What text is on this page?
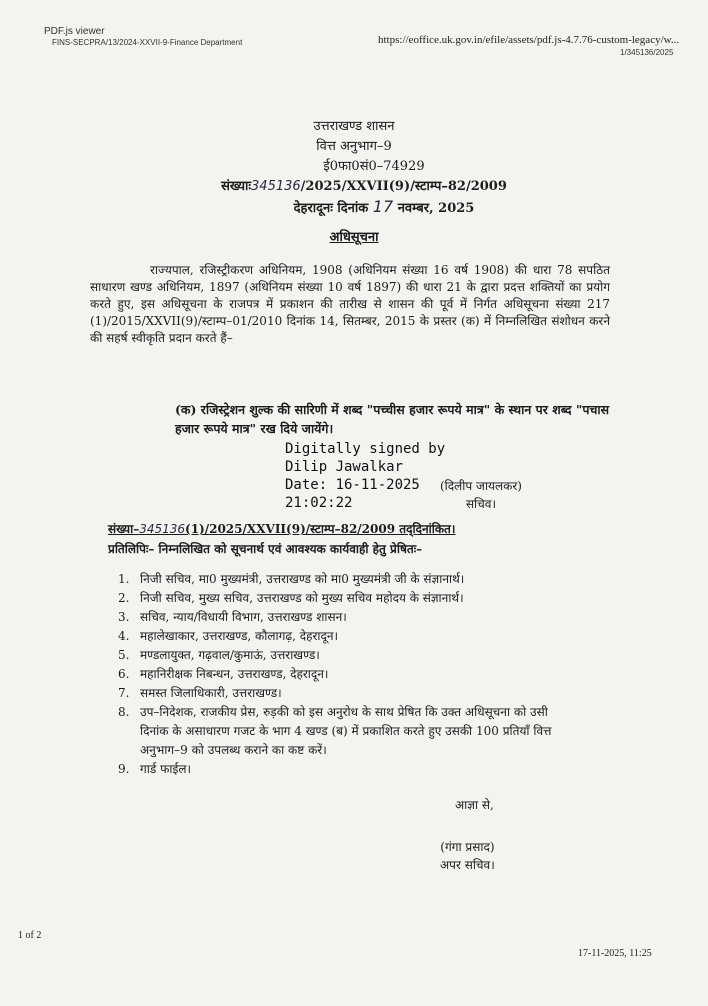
PDF.js viewer
FINS-SECPRA/13/2024-XXVII-9-Finance Department	https://eoffice.uk.gov.in/efile/assets/pdf.js-4.7.76-custom-legacy/w...
1/345136/2025
उत्तराखण्ड शासन
वित्त अनुभाग–9
ई0फा0सं0–74929
संख्याः345136/2025/XXVII(9)/स्टाम्प–82/2009
देहरादूनः दिनांक 17 नवम्बर, 2025
अधिसूचना
राज्यपाल, रजिस्ट्रीकरण अधिनियम, 1908 (अधिनियम संख्या 16 वर्ष 1908) की धारा 78 सपठित साधारण खण्ड अधिनियम, 1897 (अधिनियम संख्या 10 वर्ष 1897) की धारा 21 के द्वारा प्रदत्त शक्तियों का प्रयोग करते हुए, इस अधिसूचना के राजपत्र में प्रकाशन की तारीख से शासन की पूर्व में निर्गत अधिसूचना संख्या 217 (1)/2015/XXVII(9)/स्टाम्प–01/2010 दिनांक 14, सितम्बर, 2015 के प्रस्तर (क) में निम्नलिखित संशोधन करने की सहर्ष स्वीकृति प्रदान करते हैं–
(क) रजिस्ट्रेशन शुल्क की सारिणी में शब्द "पच्चीस हजार रूपये मात्र" के स्थान पर शब्द "पचास हजार रूपये मात्र" रख दिये जायेंगे।
Digitally signed by
Dilip Jawalkar
Date: 16-11-2025
21:02:22
(दिलीप जायलकर)
सचिव।
संख्या–345136(1)/2025/XXVII(9)/स्टाम्प–82/2009 तद्‌दिनांकित।
प्रतिलिपिः– निम्नलिखित को सूचनार्थ एवं आवश्यक कार्यवाही हेतु प्रेषितः–
1. निजी सचिव, मा0 मुख्यमंत्री, उत्तराखण्ड को मा0 मुख्यमंत्री जी के संज्ञानार्थ।
2. निजी सचिव, मुख्य सचिव, उत्तराखण्ड को मुख्य सचिव महोदय के संज्ञानार्थ।
3. सचिव, न्याय/विधायी विभाग, उत्तराखण्ड शासन।
4. महालेखाकार, उत्तराखण्ड, कौलागढ़, देहरादून।
5. मण्डलायुक्त, गढ़वाल/कुमाऊं, उत्तराखण्ड।
6. महानिरीक्षक निबन्धन, उत्तराखण्ड, देहरादून।
7. समस्त जिलाधिकारी, उत्तराखण्ड।
8. उप–निदेशक, राजकीय प्रेस, रुड़की को इस अनुरोध के साथ प्रेषित कि उक्त अधिसूचना को उसी दिनांक के असाधारण गजट के भाग 4 खण्ड (ब) में प्रकाशित करते हुए उसकी 100 प्रतियाँ वित्त अनुभाग–9 को उपलब्ध कराने का कष्ट करें।
9. गार्ड फाईल।
आज्ञा से,
(गंगा प्रसाद)
अपर सचिव।
1 of 2
17-11-2025, 11:25
